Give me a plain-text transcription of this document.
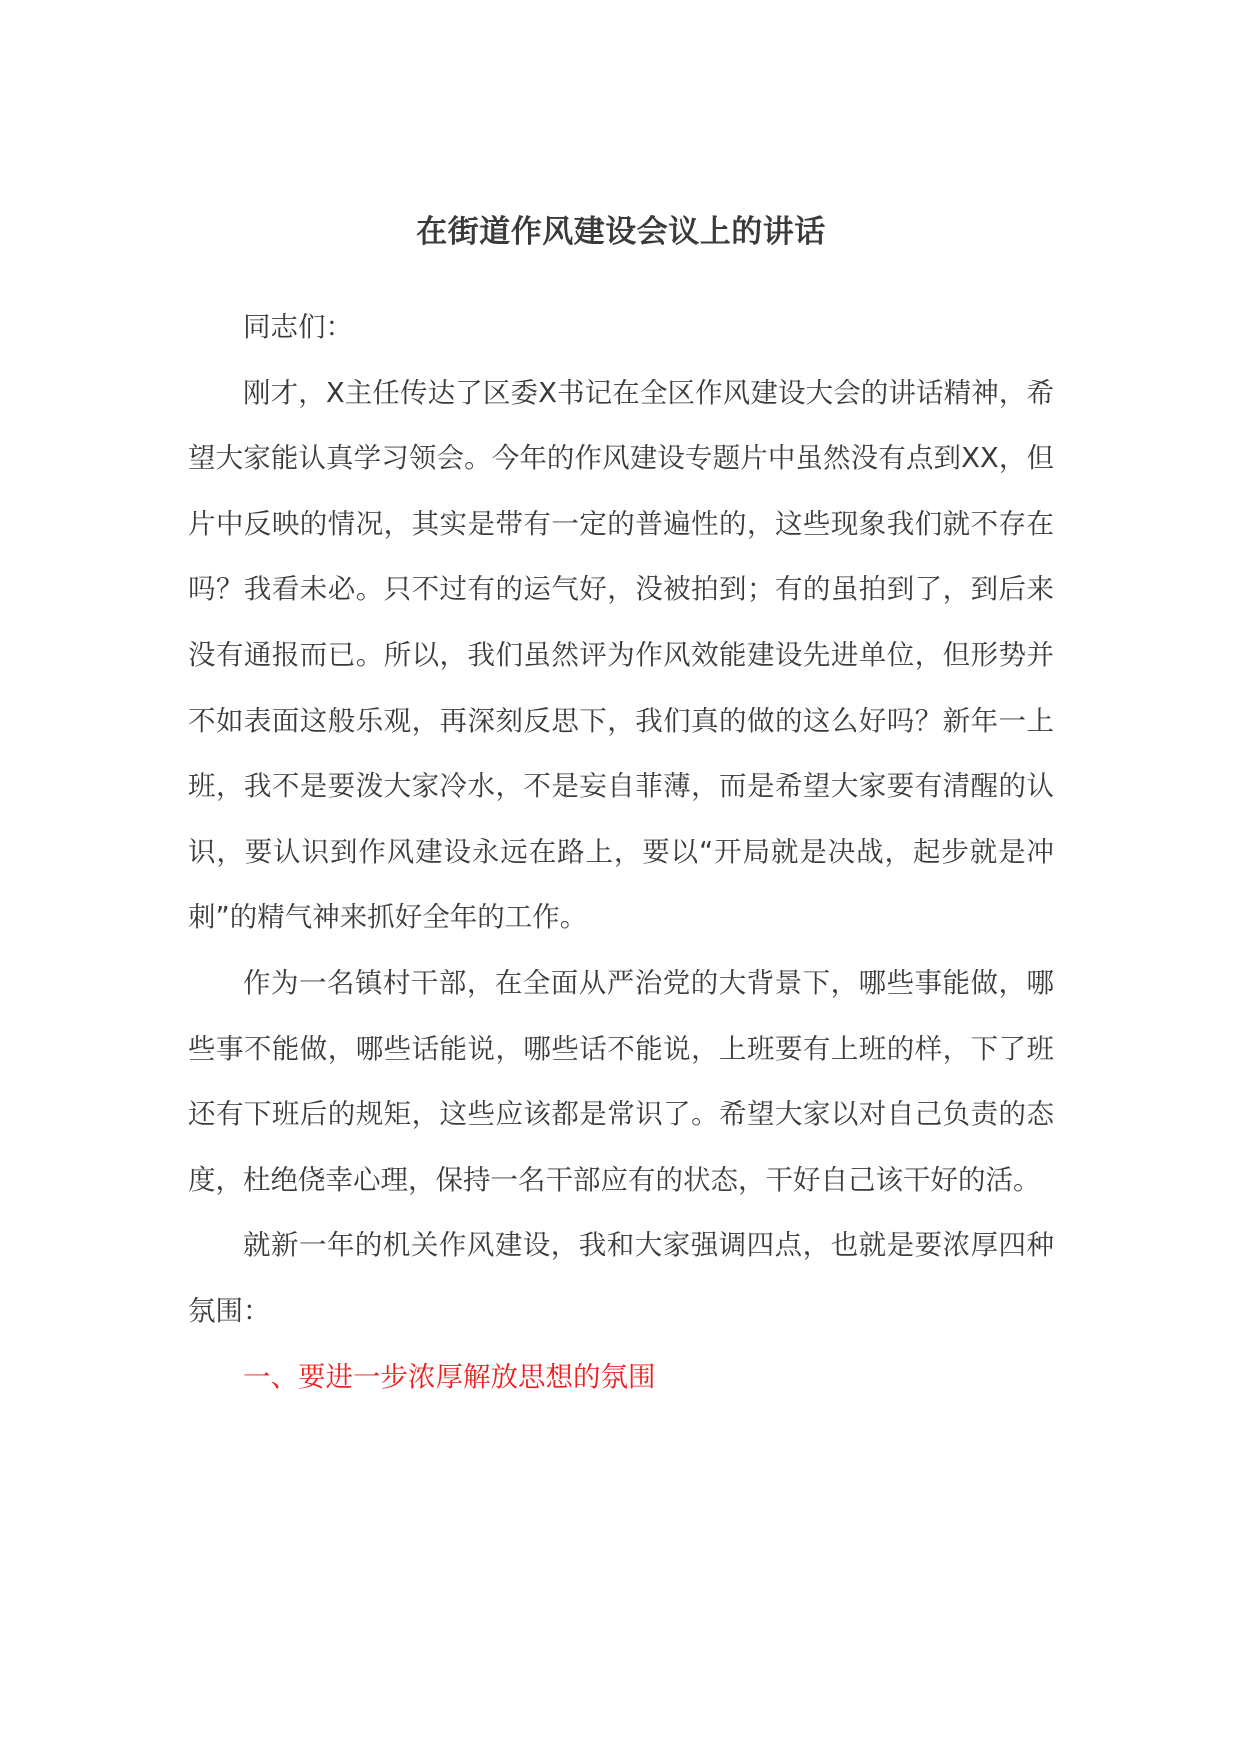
在街道作风建设会议上的讲话

同志们：

刚才，X主任传达了区委X书记在全区作风建设大会的讲话精神，希望大家能认真学习领会。今年的作风建设专题片中虽然没有点到XX，但片中反映的情况，其实是带有一定的普遍性的，这些现象我们就不存在吗？我看未必。只不过有的运气好，没被拍到；有的虽拍到了，到后来没有通报而已。所以，我们虽然评为作风效能建设先进单位，但形势并不如表面这般乐观，再深刻反思下，我们真的做的这么好吗？新年一上班，我不是要泼大家冷水，不是妄自菲薄，而是希望大家要有清醒的认识，要认识到作风建设永远在路上，要以“开局就是决战，起步就是冲刺”的精气神来抓好全年的工作。

作为一名镇村干部，在全面从严治党的大背景下，哪些事能做，哪些事不能做，哪些话能说，哪些话不能说，上班要有上班的样，下了班还有下班后的规矩，这些应该都是常识了。希望大家以对自己负责的态度，杜绝侥幸心理，保持一名干部应有的状态，干好自己该干好的活。

就新一年的机关作风建设，我和大家强调四点，也就是要浓厚四种氛围：

一、要进一步浓厚解放思想的氛围
